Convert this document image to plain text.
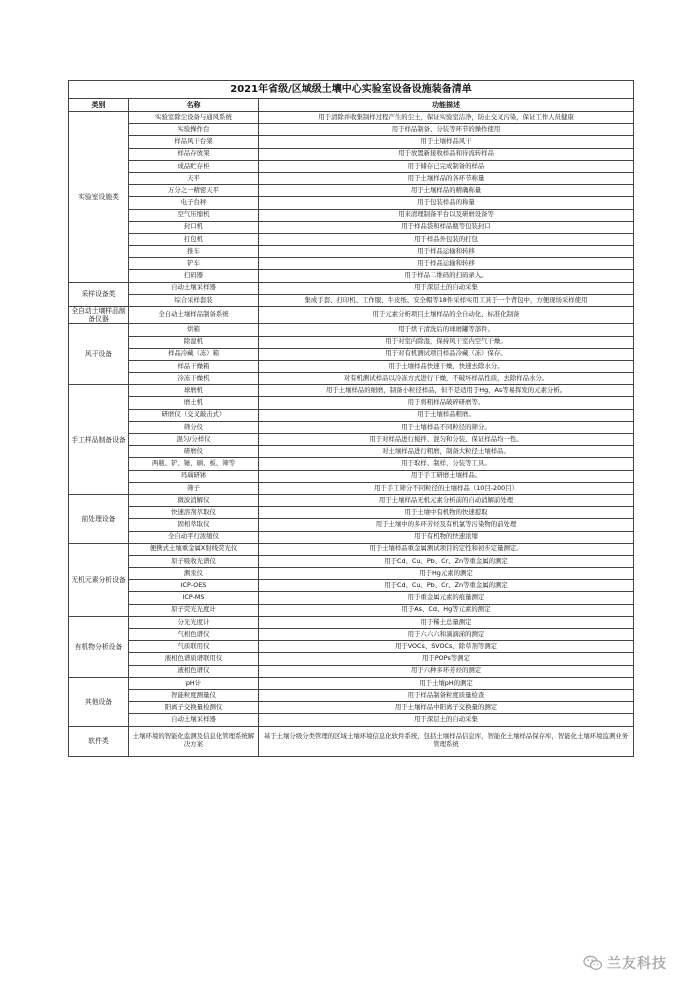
2021年省级/区域级土壤中心实验室设备设施装备清单		
类别	名称	功能描述
实验室设施类	实验室除尘设备与通风系统	用于清除并收集制样过程产生的尘土，保证实验室洁净，防止交叉污染，保证工作人员健康
	实验操作台	用于样品制备、分装等环节的操作使用
	样品风干台架	用于土壤样品风干
	样品存放架	用于放置新接收样品和待流转样品
	成品贮存柜	用于储存已完成制备的样品
	天平	用于土壤样品的各环节称量
	万分之一精密天平	用于土壤样品的精确称量
	电子台秤	用于包装样品的称量
	空气压缩机	用来清理制备平台以及研磨设备等
	封口机	用于样品袋和样品瓶等包装封口
	打包机	用于样品外包装的打包
	推车	用于样品运输和转移
	铲车	用于样品运输和转移
	扫码器	用于样品二维码的扫码录入。
采样设备类	自动土壤采样器	用于深层土的自动采集
	综合采样套装	集成手套、打印机、工作服、牛皮纸、安全帽等18件采样实用工具于一个背包中，方便现场采样使用
全自动土壤样品制备仪器	全自动土壤样品制备系统	用于元素分析项目土壤样品的全自动化、标准化制备
风干设备	烘箱	用于烘干清洗后的球磨罐等部件。
	除湿机	用于对室内除湿，保持风干室内空气干燥。
	样品冷藏（冻）箱	用于对有机测试项目样品冷藏（冻）保存。
	样品干燥箱	用于土壤样品快速干燥，快速去除水分。
	冷冻干燥机	对有机测试样品以冷冻方式进行干燥，不破坏样品性质，去除样品水分。
手工样品制备设备	球磨机	用于土壤样品的细磨，制备小粒径样品，但不是适用于Hg、As等易挥发的元素分析。
	磨土机	用于将粗样品破碎研磨等。
	研磨仪（交叉敲击式）	用于土壤样品粗磨。
	筛分仪	用于土壤样品不同粒径的筛分。
	混匀/分样仪	用于对样品进行搅拌、混匀和分装，保证样品均一性。
	研磨仪	对土壤样品进行粗磨，制备大粒径土壤样品。
	两瓶、铲、锤、刷、板、筛等	用于取样、制样、分装等工具。
	玛瑙研钵	用于手工研磨土壤样品。
	筛子	用于手工筛分不同粒径的土壤样品（10目-200目）
前处理设备	微波消解仪	用于土壤样品无机元素分析前的自动消解前处理
	快速溶剂萃取仪	用于土壤中有机物的快速提取
	固相萃取仪	用于土壤中的多环芳烃及有机氯等污染物的前处理
	全自动平行浓缩仪	用于有机物的快速浓缩
无机元素分析设备	便携式土壤重金属X射线荧光仪	用于土壤样品重金属测试项目的定性和初步定量测定。
	原子吸收光谱仪	用于Cd、Cu、Pb、Cr、Zn等重金属的测定
	测汞仪	用于Hg元素的测定
	ICP-OES	用于Cd、Cu、Pb、Cr、Zn等重金属的测定
	ICP-MS	用于重金属元素的痕量测定
	原子荧光光度计	用于As、Cd、Hg等元素的测定
有机物分析设备	分光光度计	用于稀土总量测定
	气相色谱仪	用于六六六和滴滴涕的测定
	气质联用仪	用于VOCs、SVOCs、除草剂等测定
	液相色谱质谱联用仪	用于POPs等测定
	液相色谱仪	用于六种多环芳烃的测定
其他设备	pH计	用于土壤pH的测定
	智能粒度测量仪	用于样品制备粒度质量检查
	阳离子交换量检测仪	用于土壤样品中阳离子交换量的测定
	自动土壤采样器	用于深层土的自动采集
软件类	土壤环境的智能化监测及信息化管理系统解决方案	基于土壤分级分类管理的区域土壤环境信息化软件系统，包括土壤样品信息库，智能化土壤样品保存库，智能化土壤环境监测业务管理系统
兰友科技
